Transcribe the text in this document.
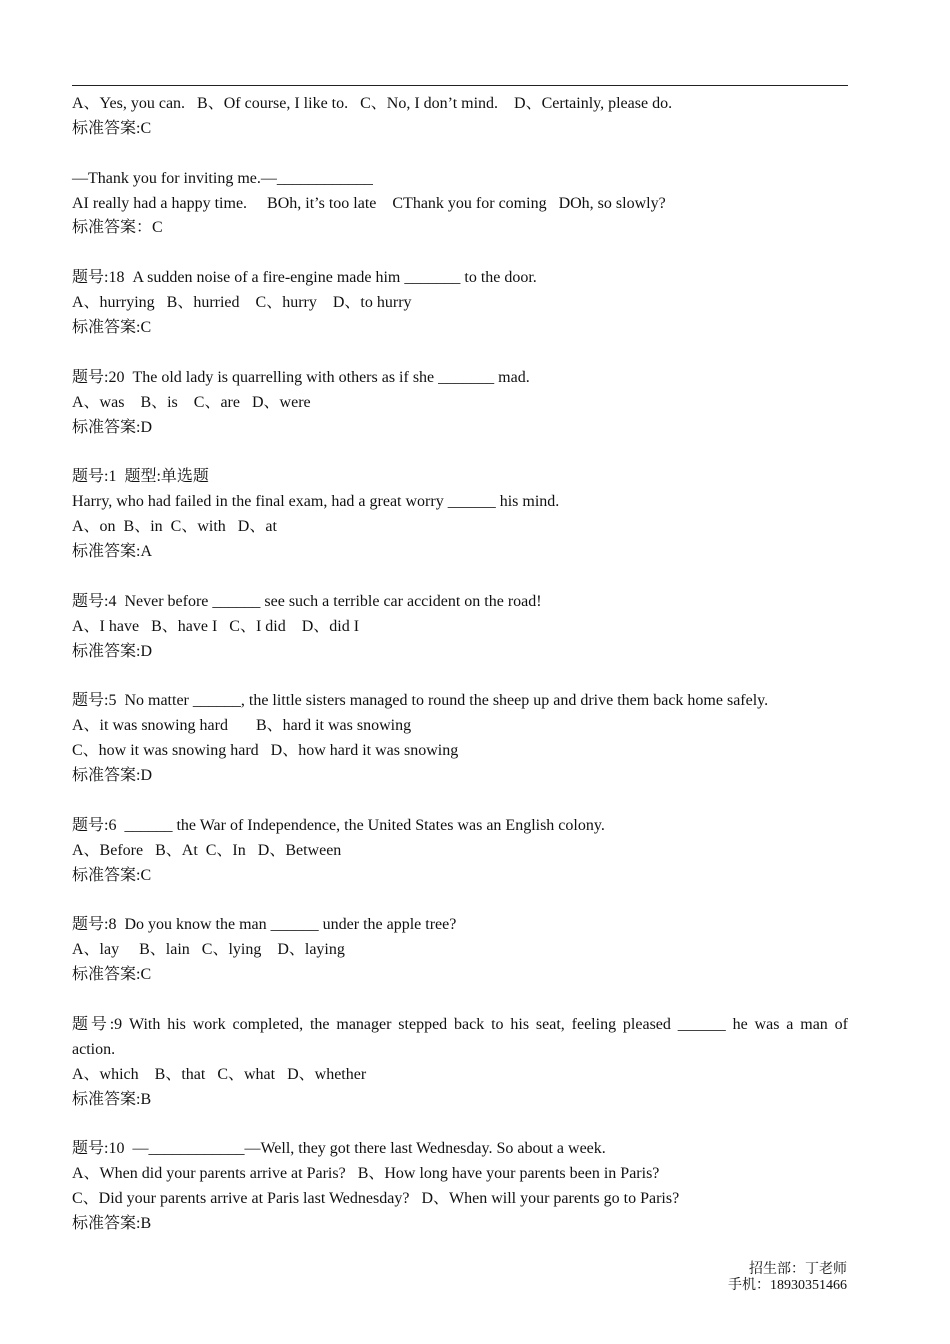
A、Yes, you can.   B、Of course, I like to.   C、No, I don’t mind.    D、Certainly, please do.
标准答案:C
—Thank you for inviting me.—____________
AI really had a happy time.     BOh, it’s too late    CThank you for coming   DOh, so slowly?
标准答案：C
题号:18  A sudden noise of a fire-engine made him _______ to the door.
A、hurrying   B、hurried    C、hurry    D、to hurry
标准答案:C
题号:20  The old lady is quarrelling with others as if she _______ mad.
A、was    B、is    C、are   D、were
标准答案:D
题号:1  题型:单选题
Harry, who had failed in the final exam, had a great worry ______ his mind.
A、on  B、in  C、with   D、at
标准答案:A
题号:4  Never before ______ see such a terrible car accident on the road!
A、I have   B、have I   C、I did    D、did I
标准答案:D
题号:5  No matter ______, the little sisters managed to round the sheep up and drive them back home safely.
A、it was snowing hard       B、hard it was snowing
C、how it was snowing hard   D、how hard it was snowing
标准答案:D
题号:6  ______ the War of Independence, the United States was an English colony.
A、Before   B、At  C、In   D、Between
标准答案:C
题号:8  Do you know the man ______ under the apple tree?
A、lay     B、lain   C、lying    D、laying
标准答案:C
题号:9 With his work completed, the manager stepped back to his seat, feeling pleased ______ he was a man of
action.
A、which    B、that   C、what   D、whether
标准答案:B
题号:10  —____________—Well, they got there last Wednesday. So about a week.
A、When did your parents arrive at Paris?   B、How long have your parents been in Paris?
C、Did your parents arrive at Paris last Wednesday?   D、When will your parents go to Paris?
标准答案:B
招生部：丁老师
手机：18930351466
